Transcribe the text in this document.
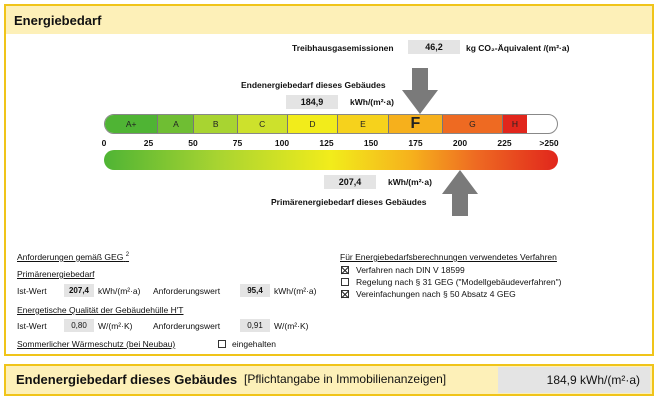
Energiebedarf
Treibhausgasemissionen	46,2	kg CO₂-Äquivalent /(m²·a)
Endenergiebedarf dieses Gebäudes
184,9	kWh/(m²·a)
A+	A	B	C	D	E	F	G	H
0	25	50	75	100	125	150	175	200	225	>250
207,4	kWh/(m²·a)
Primärenergiebedarf dieses Gebäudes
Anforderungen gemäß GEG $^2$
Primärenergiebedarf
Ist-Wert	207,4	kWh/(m²·a) Anforderungswert	95,4	kWh/(m²·a)
Energetische Qualität der Gebäudehülle H′T
Ist-Wert	0,80	W/(m²·K) Anforderungswert	0,91	W/(m²·K)
Sommerlicher Wärmeschutz (bei Neubau)	eingehalten
Für Energiebedarfsberechnungen verwendetes Verfahren
Verfahren nach DIN V 18599
Regelung nach § 31 GEG ("Modellgebäudeverfahren")
Vereinfachungen nach § 50 Absatz 4 GEG
Endenergiebedarf dieses Gebäudes [Pflichtangabe in Immobilienanzeigen]	184,9 kWh/(m²·a)
